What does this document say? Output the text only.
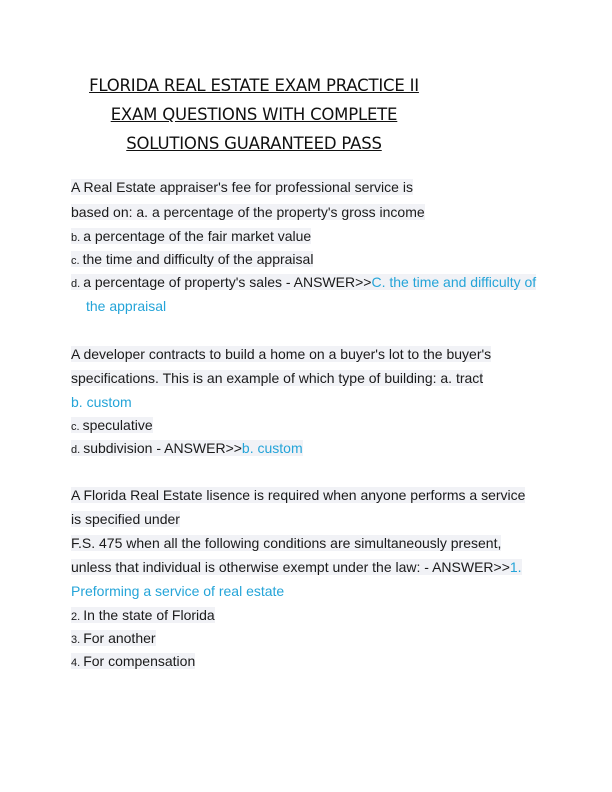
FLORIDA REAL ESTATE EXAM PRACTICE II
EXAM QUESTIONS WITH COMPLETE
SOLUTIONS GUARANTEED PASS
A Real Estate appraiser's fee for professional service is
based on: a. a percentage of the property's gross income
b. a percentage of the fair market value
c. the time and difficulty of the appraisal
d. a percentage of property's sales - ANSWER>>C. the time and difficulty of
the appraisal
A developer contracts to build a home on a buyer's lot to the buyer's
specifications. This is an example of which type of building: a. tract
b. custom
c. speculative
d. subdivision - ANSWER>>b. custom
A Florida Real Estate lisence is required when anyone performs a service
is specified under
F.S. 475 when all the following conditions are simultaneously present,
unless that individual is otherwise exempt under the law: - ANSWER>>1.
Preforming a service of real estate
2. In the state of Florida
3. For another
4. For compensation
